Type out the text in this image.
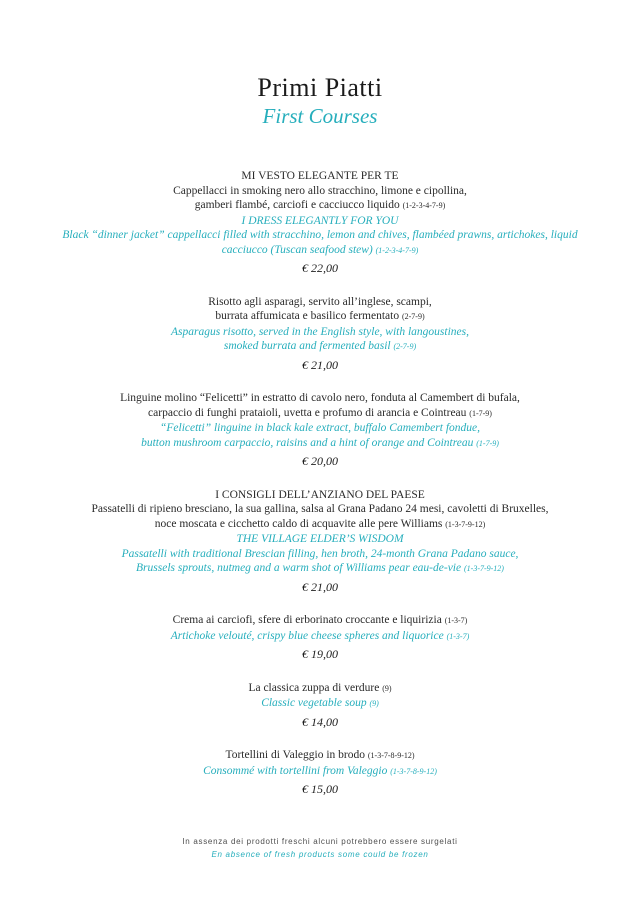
Primi Piatti
First Courses
MI VESTO ELEGANTE PER TE
Cappellacci in smoking nero allo stracchino, limone e cipollina,
gamberi flambé, carciofi e cacciucco liquido (1-2-3-4-7-9)
I DRESS ELEGANTLY FOR YOU
Black “dinner jacket” cappellacci filled with stracchino, lemon and chives, flambéed prawns, artichokes, liquid
cacciucco (Tuscan seafood stew) (1-2-3-4-7-9)
€ 22,00
Risotto agli asparagi, servito all’inglese, scampi,
burrata affumicata e basilico fermentato (2-7-9)
Asparagus risotto, served in the English style, with langoustines,
smoked burrata and fermented basil (2-7-9)
€ 21,00
Linguine molino “Felicetti” in estratto di cavolo nero, fonduta al Camembert di bufala,
carpaccio di funghi prataioli, uvetta e profumo di arancia e Cointreau (1-7-9)
“Felicetti” linguine in black kale extract, buffalo Camembert fondue,
button mushroom carpaccio, raisins and a hint of orange and Cointreau (1-7-9)
€ 20,00
I CONSIGLI DELL’ANZIANO DEL PAESE
Passatelli di ripieno bresciano, la sua gallina, salsa al Grana Padano 24 mesi, cavoletti di Bruxelles,
noce moscata e cicchetto caldo di acquavite alle pere Williams (1-3-7-9-12)
THE VILLAGE ELDER’S WISDOM
Passatelli with traditional Brescian filling, hen broth, 24-month Grana Padano sauce,
Brussels sprouts, nutmeg and a warm shot of Williams pear eau-de-vie (1-3-7-9-12)
€ 21,00
Crema ai carciofi, sfere di erborinato croccante e liquirizia (1-3-7)
Artichoke velouté, crispy blue cheese spheres and liquorice (1-3-7)
€ 19,00
La classica zuppa di verdure (9)
Classic vegetable soup (9)
€ 14,00
Tortellini di Valeggio in brodo (1-3-7-8-9-12)
Consommé with tortellini from Valeggio (1-3-7-8-9-12)
€ 15,00
In assenza dei prodotti freschi alcuni potrebbero essere surgelati
En absence of fresh products some could be frozen
